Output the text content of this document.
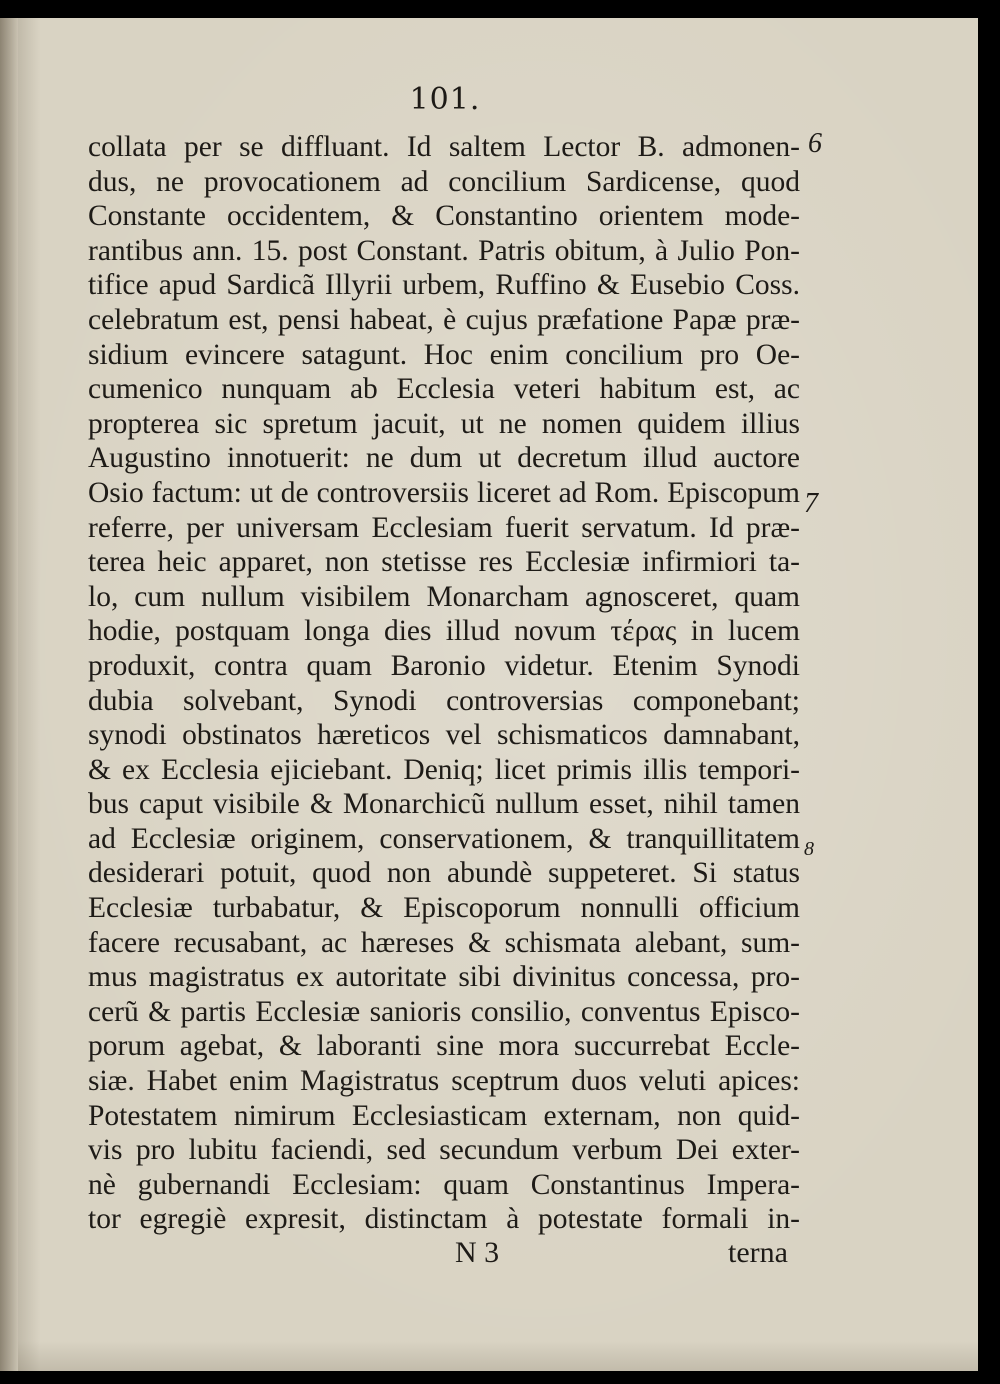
101.
collata per se diffluant. Id saltem Lector B. admonen-
dus, ne provocationem ad concilium Sardicense, quod
Constante occidentem, & Constantino orientem mode-
rantibus ann. 15. post Constant. Patris obitum, à Julio Pon-
tifice apud Sardicã Illyrii urbem, Ruffino & Eusebio Coss.
celebratum est, pensi habeat, è cujus præfatione Papæ præ-
sidium evincere satagunt. Hoc enim concilium pro Oe-
cumenico nunquam ab Ecclesia veteri habitum est, ac
propterea sic spretum jacuit, ut ne nomen quidem illius
Augustino innotuerit: ne dum ut decretum illud auctore
Osio factum: ut de controversiis liceret ad Rom. Episcopum
referre, per universam Ecclesiam fuerit servatum. Id præ-
terea heic apparet, non stetisse res Ecclesiæ infirmiori ta-
lo, cum nullum visibilem Monarcham agnosceret, quam
hodie, postquam longa dies illud novum τέρας in lucem
produxit, contra quam Baronio videtur. Etenim Synodi
dubia solvebant, Synodi controversias componebant;
synodi obstinatos hæreticos vel schismaticos damnabant,
& ex Ecclesia ejiciebant. Deniq; licet primis illis tempori-
bus caput visibile & Monarchicũ nullum esset, nihil tamen
ad Ecclesiæ originem, conservationem, & tranquillitatem
desiderari potuit, quod non abundè suppeteret. Si status
Ecclesiæ turbabatur, & Episcoporum nonnulli officium
facere recusabant, ac hæreses & schismata alebant, sum-
mus magistratus ex autoritate sibi divinitus concessa, pro-
cerũ & partis Ecclesiæ sanioris consilio, conventus Episco-
porum agebat, & laboranti sine mora succurrebat Eccle-
siæ. Habet enim Magistratus sceptrum duos veluti apices:
Potestatem nimirum Ecclesiasticam externam, non quid-
vis pro lubitu faciendi, sed secundum verbum Dei exter-
nè gubernandi Ecclesiam: quam Constantinus Impera-
tor egregiè expresit, distinctam à potestate formali in-
6
7
8
N 3	terna
